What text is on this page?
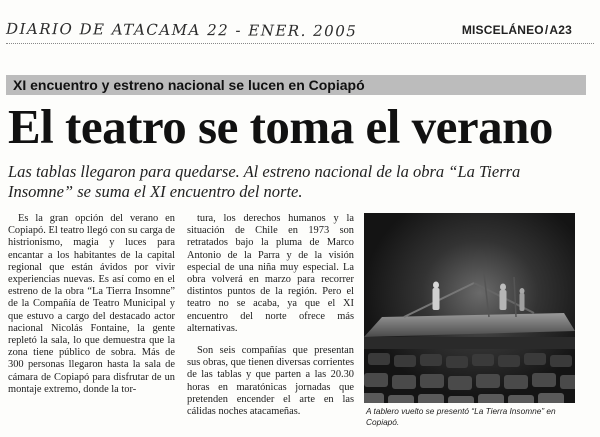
DIARIO DE ATACAMA 22 - ENER. 2005	MISCELÁNEO/A23
XI encuentro y estreno nacional se lucen en Copiapó
El teatro se toma el verano
Las tablas llegaron para quedarse. Al estreno nacional de la obra “La Tierra Insomne” se suma el XI encuentro del norte.

Es la gran opción del verano en Copiapó. El teatro llegó con su carga de histrionismo, magia y luces para encantar a los habitantes de la capital regional que están ávidos por vivir experiencias nuevas. Es así como en el estreno de la obra “La Tierra Insomne” de la Compañía de Teatro Municipal y que estuvo a cargo del destacado actor nacional Nicolás Fontaine, la gente repletó la sala, lo que demuestra que la zona tiene público de sobra. Más de 300 personas llegaron hasta la sala de cámara de Copiapó para disfrutar de un montaje extremo, donde la tor-

tura, los derechos humanos y la situación de Chile en 1973 son retratados bajo la pluma de Marco Antonio de la Parra y de la visión especial de una niña muy especial. La obra volverá en marzo para recorrer distintos puntos de la región. Pero el teatro no se acaba, ya que el XI encuentro del norte ofrece más alternativas.

Son seis compañías que presentan sus obras, que tienen diversas corrientes de las tablas y que parten a las 20.30 horas en maratónicas jornadas que pretenden encender el arte en las cálidas noches atacameñas.	A tablero vuelto se presentó “La Tierra Insomne” en Copiapó.
